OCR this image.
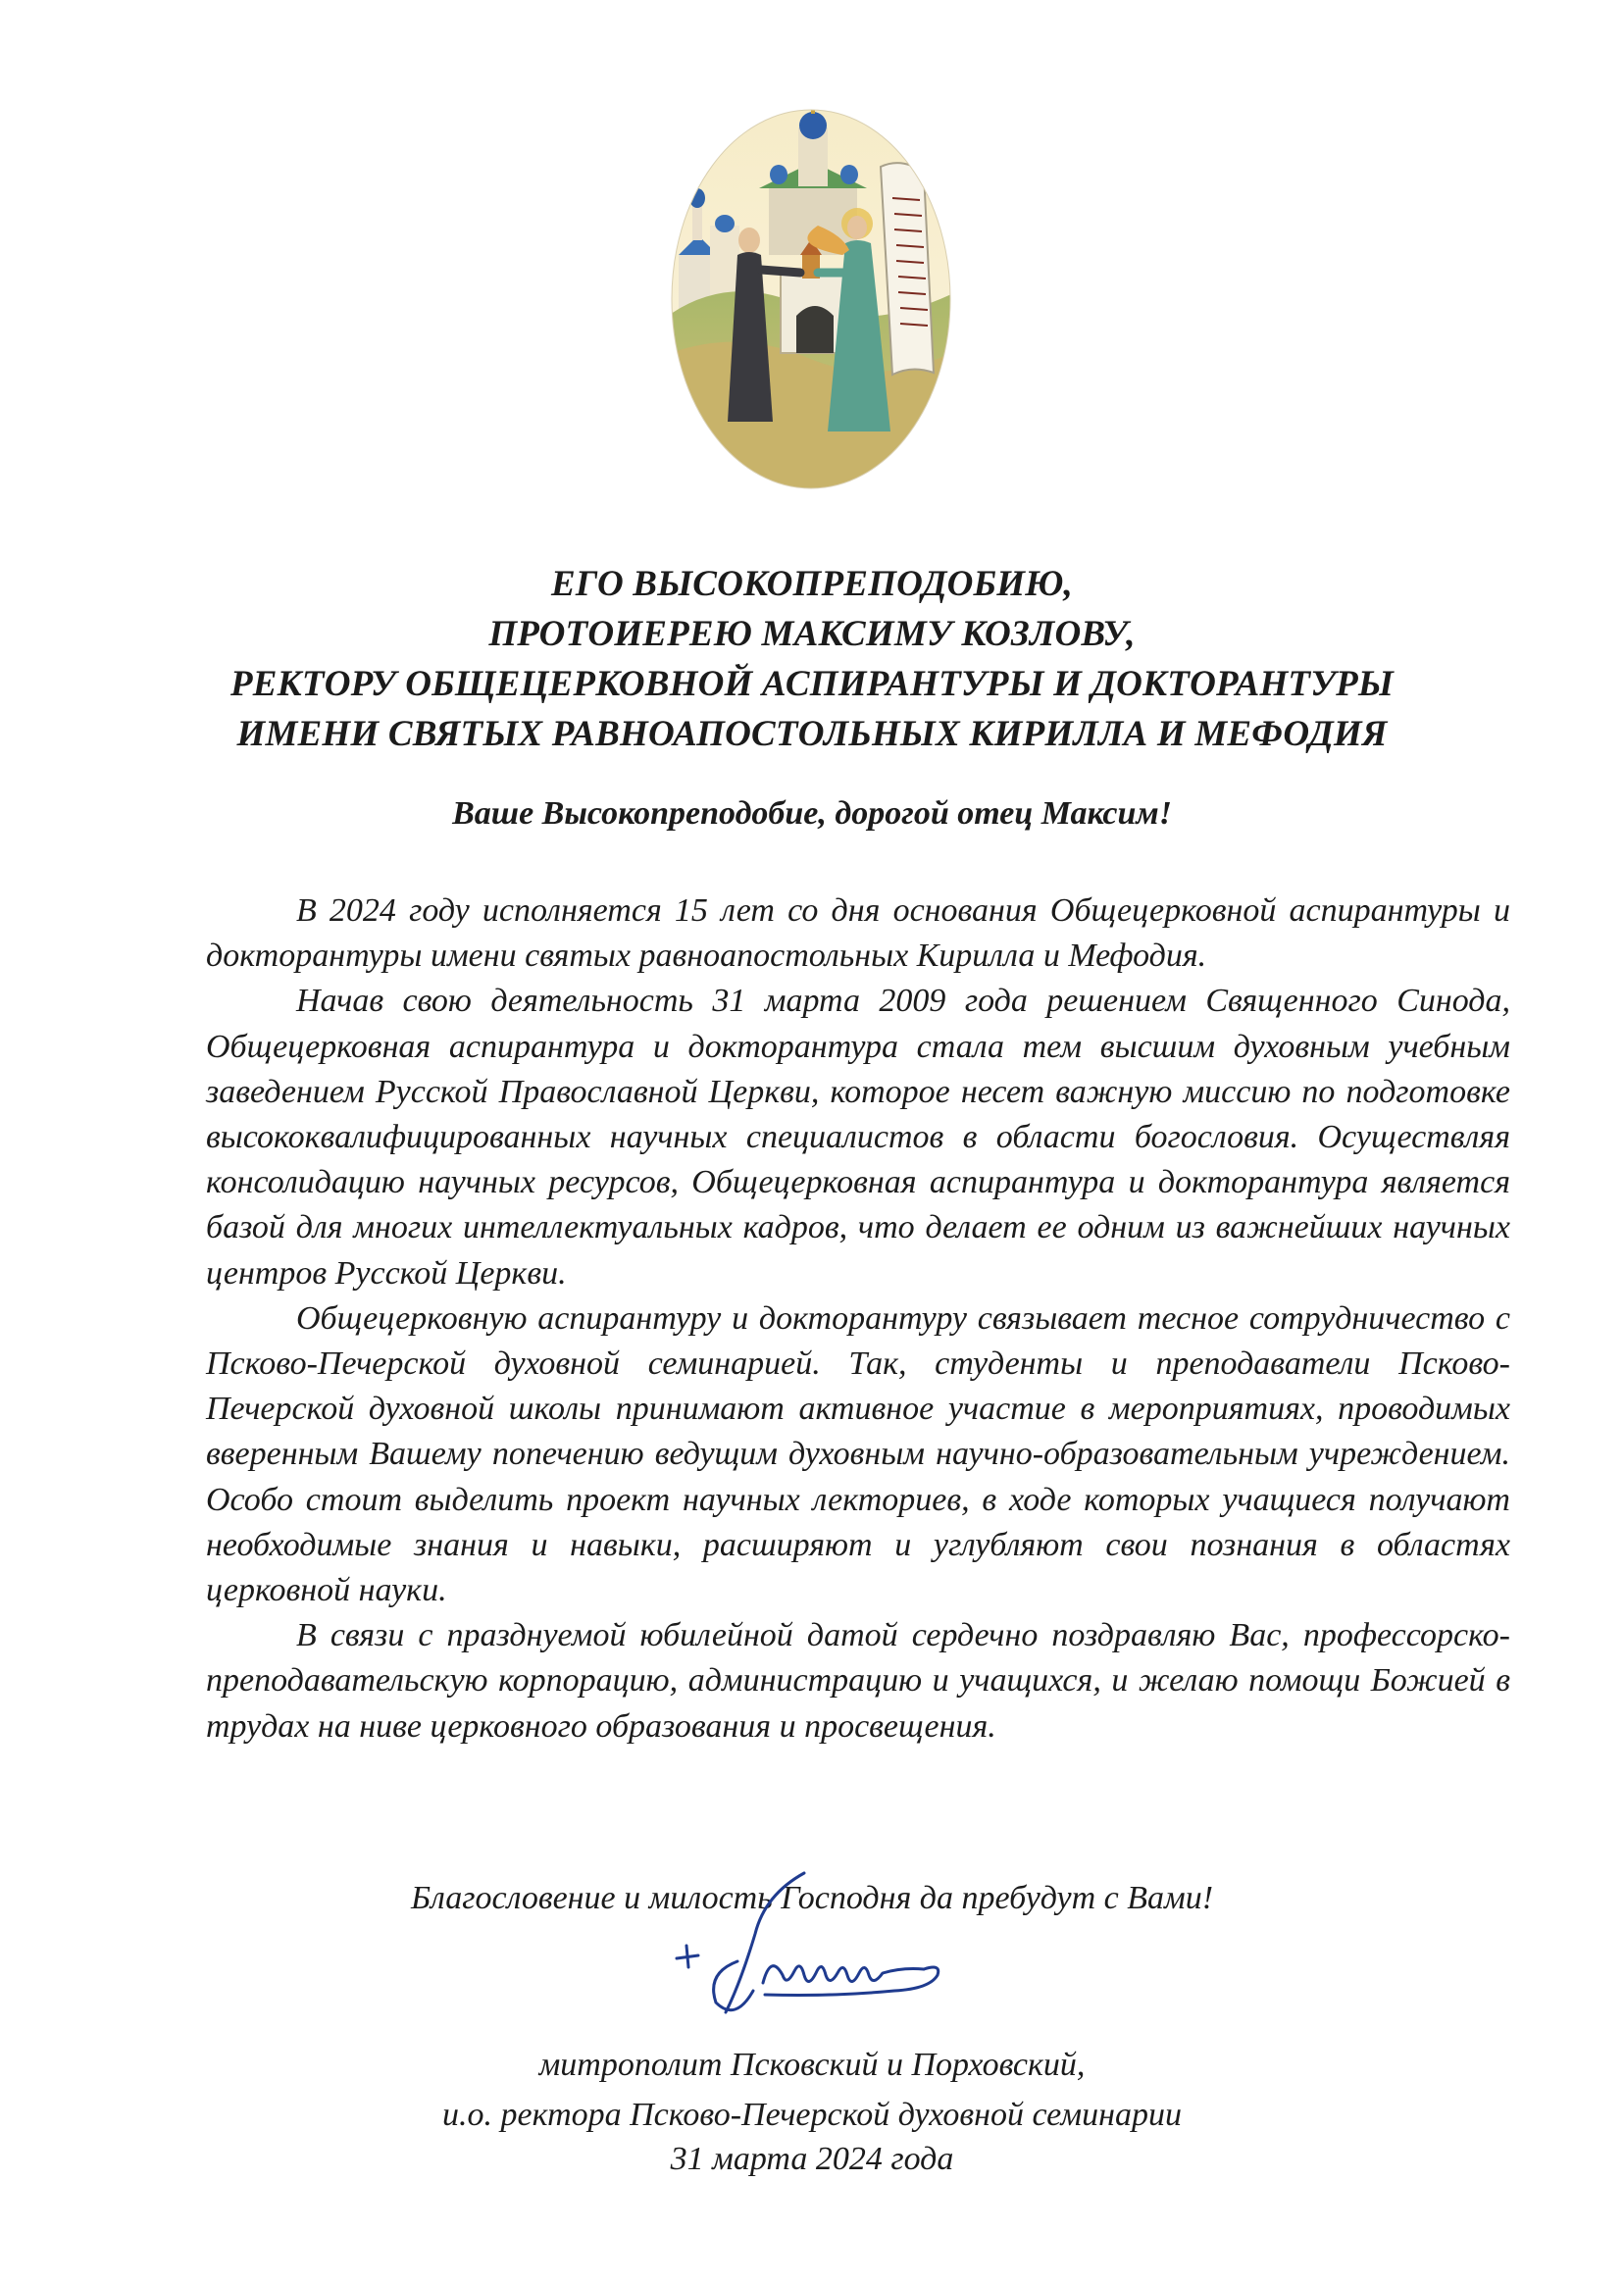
ЕГО ВЫСОКОПРЕПОДОБИЮ,
ПРОТОИЕРЕЮ МАКСИМУ КОЗЛОВУ,
РЕКТОРУ ОБЩЕЦЕРКОВНОЙ АСПИРАНТУРЫ И ДОКТОРАНТУРЫ
ИМЕНИ СВЯТЫХ РАВНОАПОСТОЛЬНЫХ КИРИЛЛА И МЕФОДИЯ
Ваше Высокопреподобие, дорогой отец Максим!

В 2024 году исполняется 15 лет со дня основания Общецерковной аспирантуры и докторантуры имени святых равноапостольных Кирилла и Мефодия.

Начав свою деятельность 31 марта 2009 года решением Священного Синода, Общецерковная аспирантура и докторантура стала тем высшим духовным учебным заведением Русской Православной Церкви, которое несет важную миссию по подготовке высококвалифицированных научных специалистов в области богословия. Осуществляя консолидацию научных ресурсов, Общецерковная аспирантура и докторантура является базой для многих интеллектуальных кадров, что делает ее одним из важнейших научных центров Русской Церкви.

Общецерковную аспирантуру и докторантуру связывает тесное сотрудничество с Псково-Печерской духовной семинарией. Так, студенты и преподаватели Псково-Печерской духовной школы принимают активное участие в мероприятиях, проводимых вверенным Вашему попечению ведущим духовным научно-образовательным учреждением. Особо стоит выделить проект научных лекториев, в ходе которых учащиеся получают необходимые знания и навыки, расширяют и углубляют свои познания в областях церковной науки.

В связи с празднуемой юбилейной датой сердечно поздравляю Вас, профессорско-преподавательскую корпорацию, администрацию и учащихся, и желаю помощи Божией в трудах на ниве церковного образования и просвещения.

Благословение и милость Господня да пребудут с Вами!
митрополит Псковский и Порховский,
и.о. ректора Псково-Печерской духовной семинарии
31 марта 2024 года
